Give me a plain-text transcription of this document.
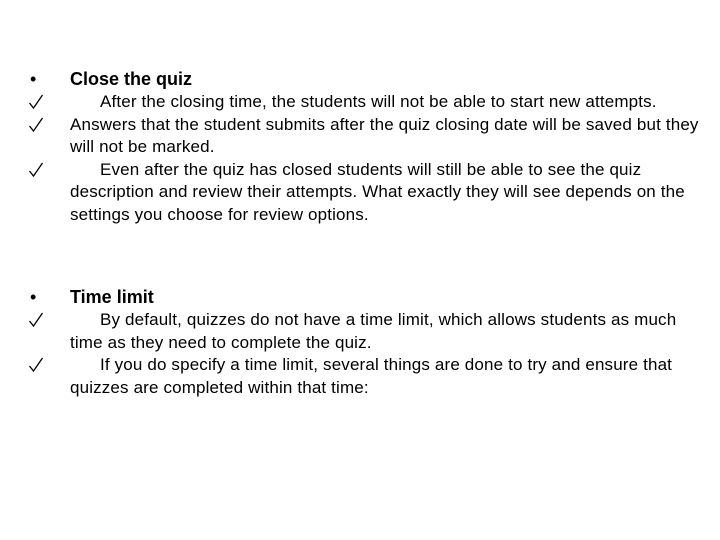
•	Close the quiz
After the closing time, the students will not be able to start new attempts.
Answers that the student submits after the quiz closing date will be saved but they will not be marked.
Even after the quiz has closed students will still be able to see the quiz description and review their attempts. What exactly they will see depends on the settings you choose for review options.
•	Time limit
By default, quizzes do not have a time limit, which allows students as much time as they need to complete the quiz.
If you do specify a time limit, several things are done to try and ensure that quizzes are completed within that time:
